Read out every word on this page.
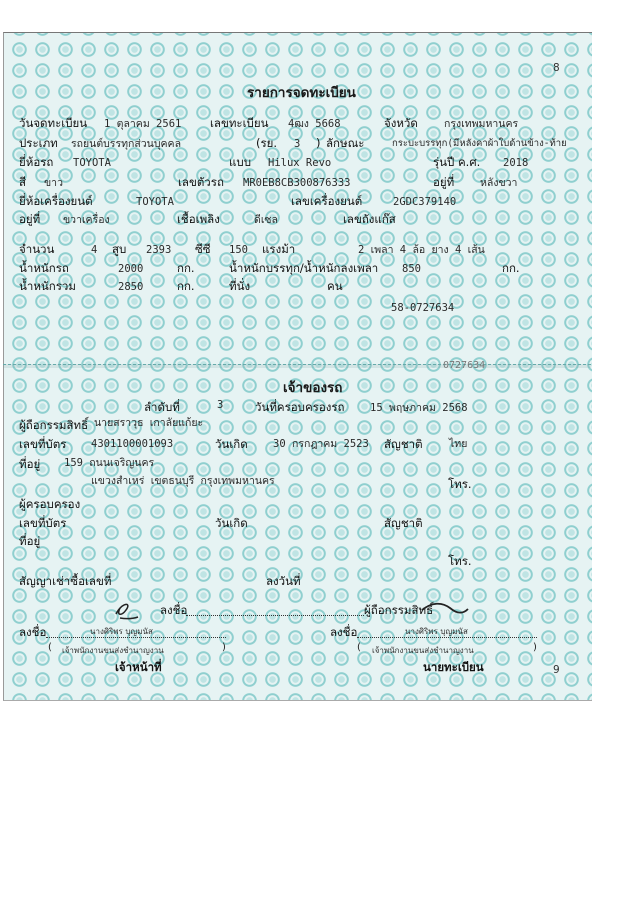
8
9
รายการจดทะเบียน
วันจดทะเบียน 1 ตุลาคม 2561 เลขทะเบียน 4ฒง 5668	จังหวัด กรุงเทพมหานคร
ประเภท รถยนต์บรรทุกส่วนบุคคล	(รย. 3 ) ลักษณะ	กระบะบรรทุก(มีหลังคาผ้าใบด้านข้าง-ท้าย
ยี่ห้อรถ TOYOTA	แบบ Hilux Revo	รุ่นปี ค.ศ. 2018
สี ขาว	เลขตัวรถ MR0EB8CB300876333	อยู่ที่ หลังขวา
ยี่ห้อเครื่องยนต์	TOYOTA	เลขเครื่องยนต์	2GDC379140
อยู่ที่ ขวาเครื่อง	เชื้อเพลิง	ดีเซล	เลขถังแก๊ส
จำนวน	4 สูบ 2393 ซีซี 150 แรงม้า	2 เพลา 4 ล้อ ยาง 4 เส้น
น้ำหนักรถ	2000	กก.	น้ำหนักบรรทุก/น้ำหนักลงเพลา 850	กก.
น้ำหนักรวม	2850	กก.	ที่นั่ง	คน
58-0727634
0727634
เจ้าของรถ
ลำดับที่	3	วันที่ครอบครองรถ 15 พฤษภาคม 2568
ผู้ถือกรรมสิทธิ์ นายสราวุธ เกาลัยแก้ยะ
เลขที่บัตร 4301100001093	วันเกิด 30 กรกฎาคม 2523 สัญชาติ	ไทย
ที่อยู่ 159 ถนนเจริญนคร
แขวงสำเหร่ เขตธนบุรี กรุงเทพมหานคร	โทร.
ผู้ครอบครอง
เลขที่บัตร	วันเกิด	สัญชาติ
ที่อยู่
โทร.
สัญญาเช่าซื้อเลขที่	ลงวันที่
ลงชื่อ	ผู้ถือกรรมสิทธิ์
ลงชื่อ	นางศิริพร บุญมนัส
( เจ้าพนักงานขนส่งชำนาญงาน	)
เจ้าหน้าที่
ลงชื่อ	นางศิริพร บุญมนัส
( เจ้าพนักงานขนส่งชำนาญงาน	)
นายทะเบียน
